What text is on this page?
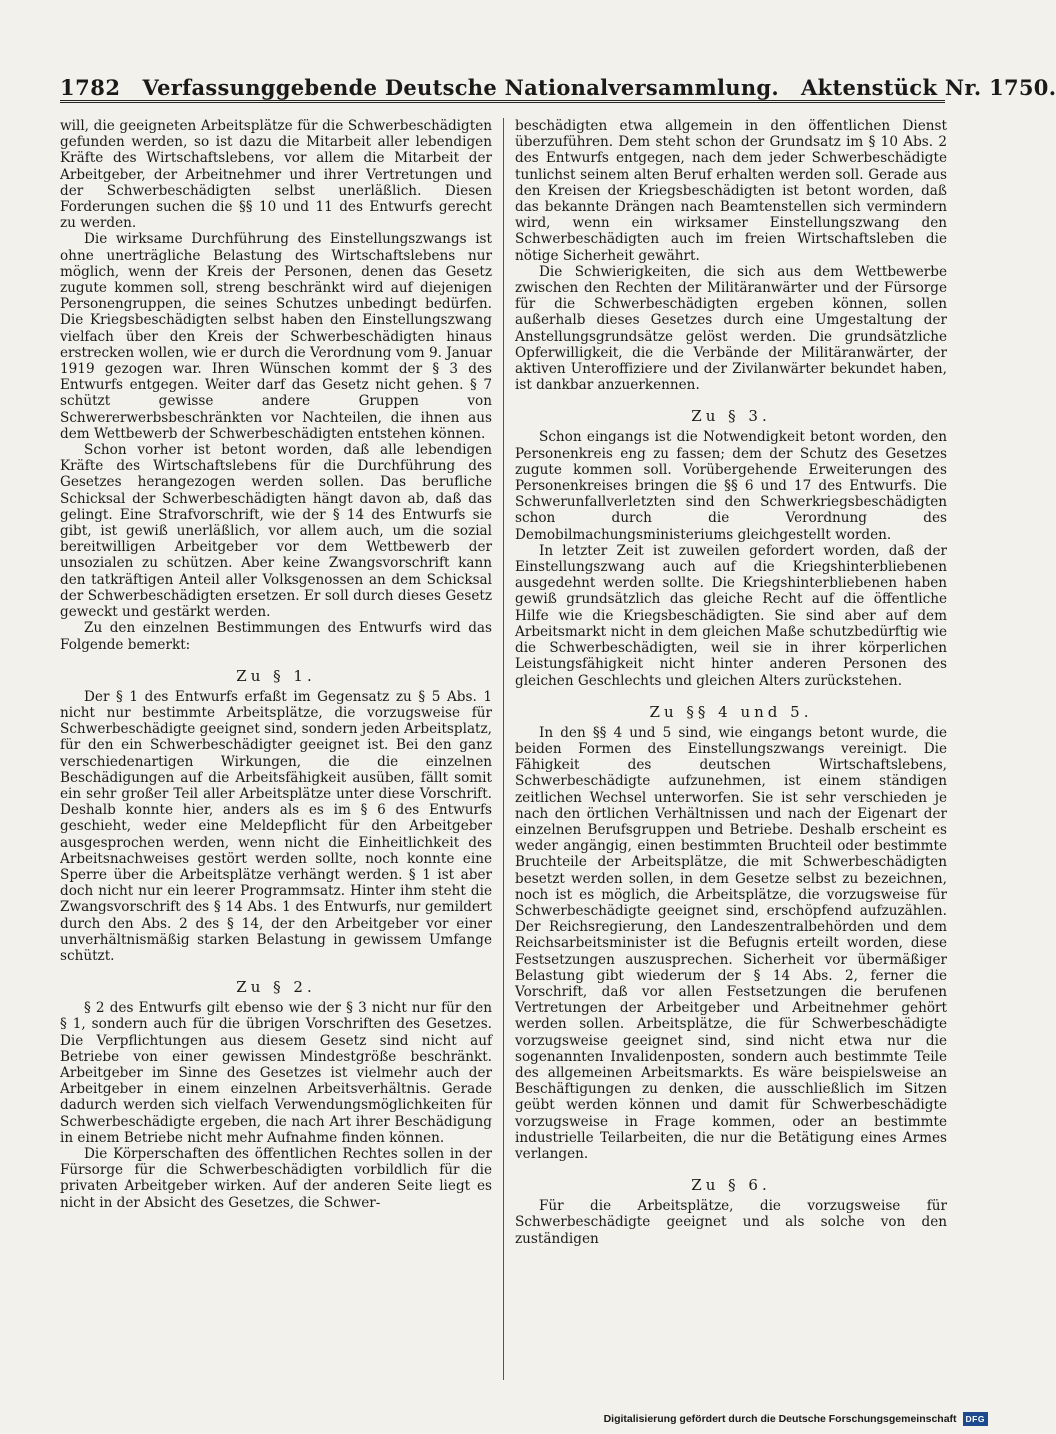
1782 Verfassunggebende Deutsche Nationalversammlung. Aktenstück Nr. 1750.

will, die geeigneten Arbeitsplätze für die Schwerbeschädigten gefunden werden, so ist dazu die Mitarbeit aller lebendigen Kräfte des Wirtschaftslebens, vor allem die Mitarbeit der Arbeitgeber, der Arbeitnehmer und ihrer Vertretungen und der Schwerbeschädigten selbst unerläßlich. Diesen Forderungen suchen die §§ 10 und 11 des Entwurfs gerecht zu werden.

Die wirksame Durchführung des Einstellungszwangs ist ohne unerträgliche Belastung des Wirtschaftslebens nur möglich, wenn der Kreis der Personen, denen das Gesetz zugute kommen soll, streng beschränkt wird auf diejenigen Personengruppen, die seines Schutzes unbedingt bedürfen. Die Kriegsbeschädigten selbst haben den Einstellungszwang vielfach über den Kreis der Schwerbeschädigten hinaus erstrecken wollen, wie er durch die Verordnung vom 9. Januar 1919 gezogen war. Ihren Wünschen kommt der § 3 des Entwurfs entgegen. Weiter darf das Gesetz nicht gehen. § 7 schützt gewisse andere Gruppen von Schwererwerbsbeschränkten vor Nachteilen, die ihnen aus dem Wettbewerb der Schwerbeschädigten entstehen können.

Schon vorher ist betont worden, daß alle lebendigen Kräfte des Wirtschaftslebens für die Durchführung des Gesetzes herangezogen werden sollen. Das berufliche Schicksal der Schwerbeschädigten hängt davon ab, daß das gelingt. Eine Strafvorschrift, wie der § 14 des Entwurfs sie gibt, ist gewiß unerläßlich, vor allem auch, um die sozial bereitwilligen Arbeitgeber vor dem Wettbewerb der unsozialen zu schützen. Aber keine Zwangsvorschrift kann den tatkräftigen Anteil aller Volksgenossen an dem Schicksal der Schwerbeschädigten ersetzen. Er soll durch dieses Gesetz geweckt und gestärkt werden.

Zu den einzelnen Bestimmungen des Entwurfs wird das Folgende bemerkt:

Zu § 1.

Der § 1 des Entwurfs erfaßt im Gegensatz zu § 5 Abs. 1 nicht nur bestimmte Arbeitsplätze, die vorzugsweise für Schwerbeschädigte geeignet sind, sondern jeden Arbeitsplatz, für den ein Schwerbeschädigter geeignet ist. Bei den ganz verschiedenartigen Wirkungen, die die einzelnen Beschädigungen auf die Arbeitsfähigkeit ausüben, fällt somit ein sehr großer Teil aller Arbeitsplätze unter diese Vorschrift. Deshalb konnte hier, anders als es im § 6 des Entwurfs geschieht, weder eine Meldepflicht für den Arbeitgeber ausgesprochen werden, wenn nicht die Einheitlichkeit des Arbeitsnachweises gestört werden sollte, noch konnte eine Sperre über die Arbeitsplätze verhängt werden. § 1 ist aber doch nicht nur ein leerer Programmsatz. Hinter ihm steht die Zwangsvorschrift des § 14 Abs. 1 des Entwurfs, nur gemildert durch den Abs. 2 des § 14, der den Arbeitgeber vor einer unverhältnismäßig starken Belastung in gewissem Umfange schützt.

Zu § 2.

§ 2 des Entwurfs gilt ebenso wie der § 3 nicht nur für den § 1, sondern auch für die übrigen Vorschriften des Gesetzes. Die Verpflichtungen aus diesem Gesetz sind nicht auf Betriebe von einer gewissen Mindestgröße beschränkt. Arbeitgeber im Sinne des Gesetzes ist vielmehr auch der Arbeitgeber in einem einzelnen Arbeitsverhältnis. Gerade dadurch werden sich vielfach Verwendungsmöglichkeiten für Schwerbeschädigte ergeben, die nach Art ihrer Beschädigung in einem Betriebe nicht mehr Aufnahme finden können.

Die Körperschaften des öffentlichen Rechtes sollen in der Fürsorge für die Schwerbeschädigten vorbildlich für die privaten Arbeitgeber wirken. Auf der anderen Seite liegt es nicht in der Absicht des Gesetzes, die Schwer-

beschädigten etwa allgemein in den öffentlichen Dienst überzuführen. Dem steht schon der Grundsatz im § 10 Abs. 2 des Entwurfs entgegen, nach dem jeder Schwerbeschädigte tunlichst seinem alten Beruf erhalten werden soll. Gerade aus den Kreisen der Kriegsbeschädigten ist betont worden, daß das bekannte Drängen nach Beamtenstellen sich vermindern wird, wenn ein wirksamer Einstellungszwang den Schwerbeschädigten auch im freien Wirtschaftsleben die nötige Sicherheit gewährt.

Die Schwierigkeiten, die sich aus dem Wettbewerbe zwischen den Rechten der Militäranwärter und der Fürsorge für die Schwerbeschädigten ergeben können, sollen außerhalb dieses Gesetzes durch eine Umgestaltung der Anstellungsgrundsätze gelöst werden. Die grundsätzliche Opferwilligkeit, die die Verbände der Militäranwärter, der aktiven Unteroffiziere und der Zivilanwärter bekundet haben, ist dankbar anzuerkennen.

Zu § 3.

Schon eingangs ist die Notwendigkeit betont worden, den Personenkreis eng zu fassen; dem der Schutz des Gesetzes zugute kommen soll. Vorübergehende Erweiterungen des Personenkreises bringen die §§ 6 und 17 des Entwurfs. Die Schwerunfallverletzten sind den Schwerkriegsbeschädigten schon durch die Verordnung des Demobilmachungsministeriums gleichgestellt worden.

In letzter Zeit ist zuweilen gefordert worden, daß der Einstellungszwang auch auf die Kriegshinterbliebenen ausgedehnt werden sollte. Die Kriegshinterbliebenen haben gewiß grundsätzlich das gleiche Recht auf die öffentliche Hilfe wie die Kriegsbeschädigten. Sie sind aber auf dem Arbeitsmarkt nicht in dem gleichen Maße schutzbedürftig wie die Schwerbeschädigten, weil sie in ihrer körperlichen Leistungsfähigkeit nicht hinter anderen Personen des gleichen Geschlechts und gleichen Alters zurückstehen.

Zu §§ 4 und 5.

In den §§ 4 und 5 sind, wie eingangs betont wurde, die beiden Formen des Einstellungszwangs vereinigt. Die Fähigkeit des deutschen Wirtschaftslebens, Schwerbeschädigte aufzunehmen, ist einem ständigen zeitlichen Wechsel unterworfen. Sie ist sehr verschieden je nach den örtlichen Verhältnissen und nach der Eigenart der einzelnen Berufsgruppen und Betriebe. Deshalb erscheint es weder angängig, einen bestimmten Bruchteil oder bestimmte Bruchteile der Arbeitsplätze, die mit Schwerbeschädigten besetzt werden sollen, in dem Gesetze selbst zu bezeichnen, noch ist es möglich, die Arbeitsplätze, die vorzugsweise für Schwerbeschädigte geeignet sind, erschöpfend aufzuzählen. Der Reichsregierung, den Landeszentralbehörden und dem Reichsarbeitsminister ist die Befugnis erteilt worden, diese Festsetzungen auszusprechen. Sicherheit vor übermäßiger Belastung gibt wiederum der § 14 Abs. 2, ferner die Vorschrift, daß vor allen Festsetzungen die berufenen Vertretungen der Arbeitgeber und Arbeitnehmer gehört werden sollen. Arbeitsplätze, die für Schwerbeschädigte vorzugsweise geeignet sind, sind nicht etwa nur die sogenannten Invalidenposten, sondern auch bestimmte Teile des allgemeinen Arbeitsmarkts. Es wäre beispielsweise an Beschäftigungen zu denken, die ausschließlich im Sitzen geübt werden können und damit für Schwerbeschädigte vorzugsweise in Frage kommen, oder an bestimmte industrielle Teilarbeiten, die nur die Betätigung eines Armes verlangen.

Zu § 6.

Für die Arbeitsplätze, die vorzugsweise für Schwerbeschädigte geeignet und als solche von den zuständigen

Digitalisierung gefördert durch die Deutsche Forschungsgemeinschaft	DFG
